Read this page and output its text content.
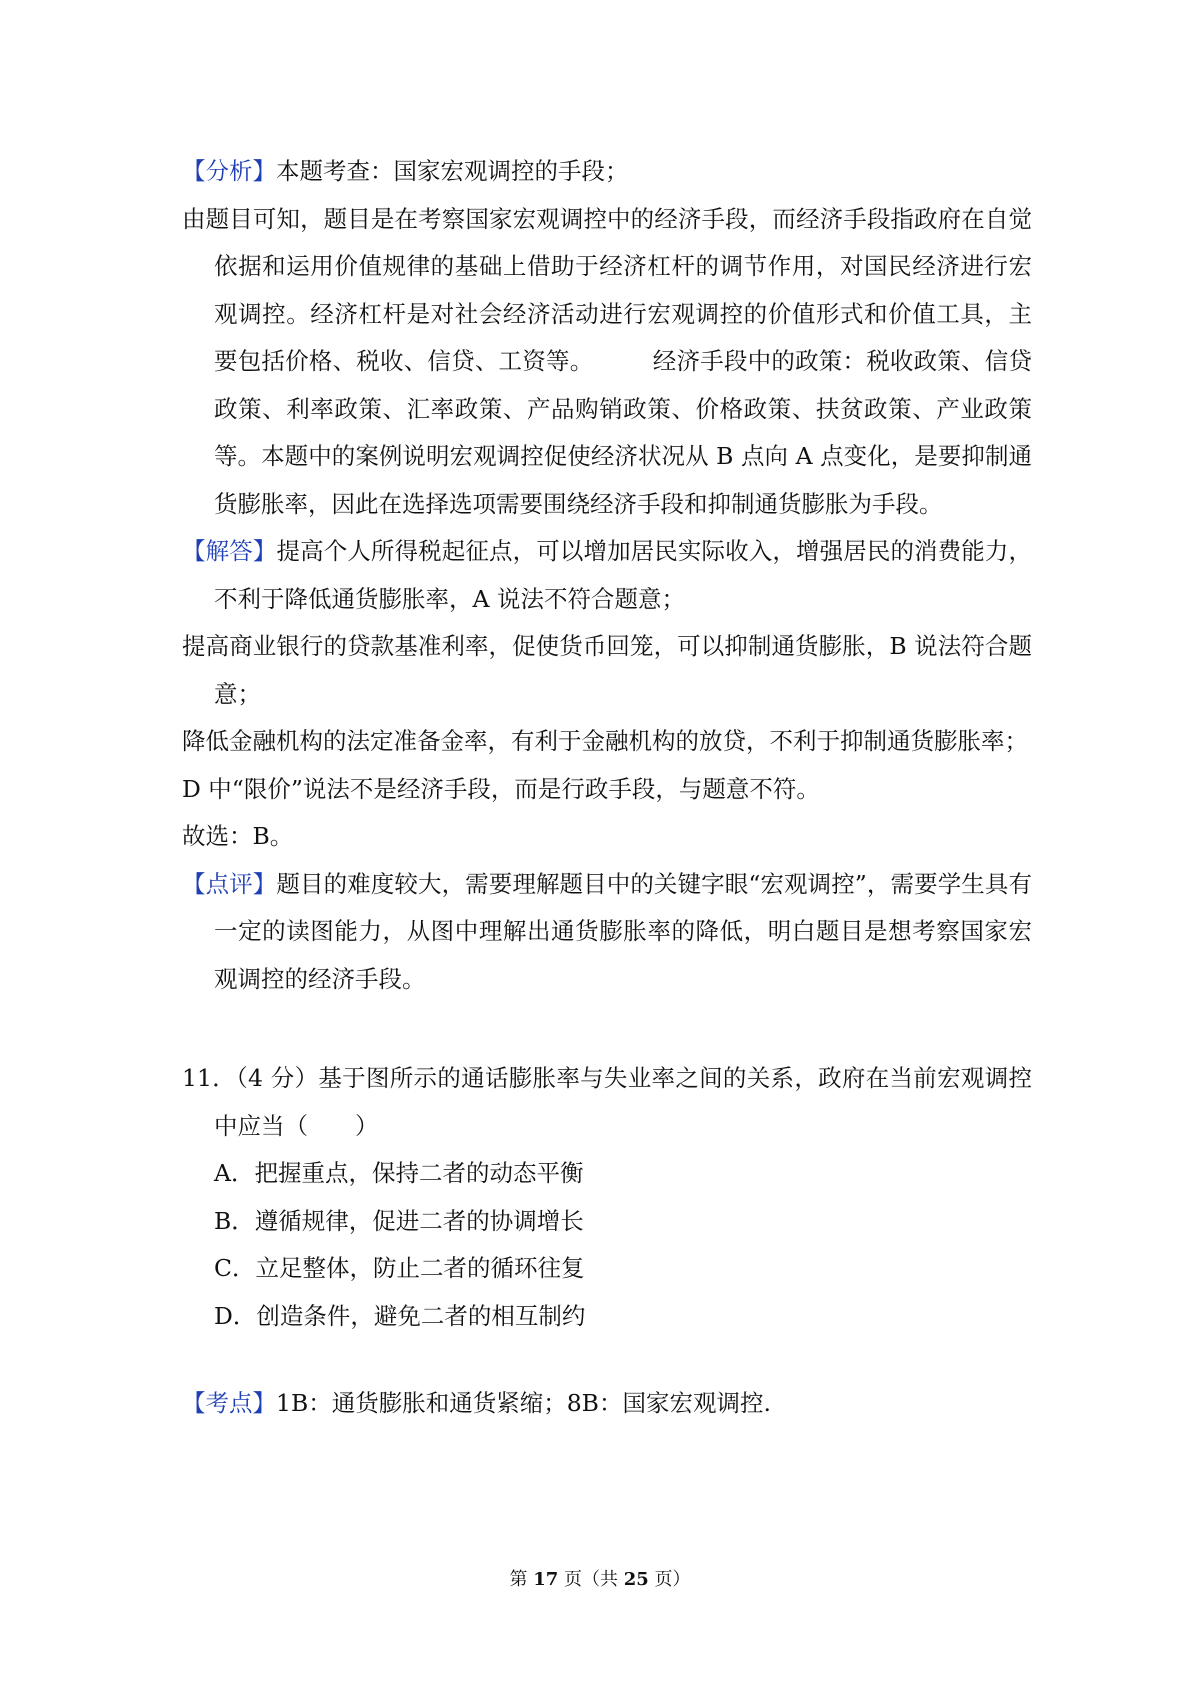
【分析】本题考查：国家宏观调控的手段；

由题目可知，题目是在考察国家宏观调控中的经济手段，而经济手段指政府在自觉依据和运用价值规律的基础上借助于经济杠杆的调节作用，对国民经济进行宏观调控。经济杠杆是对社会经济活动进行宏观调控的价值形式和价值工具，主要包括价格、税收、信贷、工资等。　　　经济手段中的政策：税收政策、信贷政策、利率政策、汇率政策、产品购销政策、价格政策、扶贫政策、产业政策等。本题中的案例说明宏观调控促使经济状况从 B 点向 A 点变化，是要抑制通货膨胀率，因此在选择选项需要围绕经济手段和抑制通货膨胀为手段。

【解答】提高个人所得税起征点，可以增加居民实际收入，增强居民的消费能力，不利于降低通货膨胀率，A 说法不符合题意；

提高商业银行的贷款基准利率，促使货币回笼，可以抑制通货膨胀，B 说法符合题意；

降低金融机构的法定准备金率，有利于金融机构的放贷，不利于抑制通货膨胀率；

D 中“限价”说法不是经济手段，而是行政手段，与题意不符。

故选：B。

【点评】题目的难度较大，需要理解题目中的关键字眼“宏观调控”，需要学生具有一定的读图能力，从图中理解出通货膨胀率的降低，明白题目是想考察国家宏观调控的经济手段。

11．（4 分）基于图所示的通话膨胀率与失业率之间的关系，政府在当前宏观调控中应当（　　）

A．把握重点，保持二者的动态平衡

B．遵循规律，促进二者的协调增长

C．立足整体，防止二者的循环往复

D．创造条件，避免二者的相互制约

【考点】1B：通货膨胀和通货紧缩；8B：国家宏观调控.

第 17 页（共 25 页）
